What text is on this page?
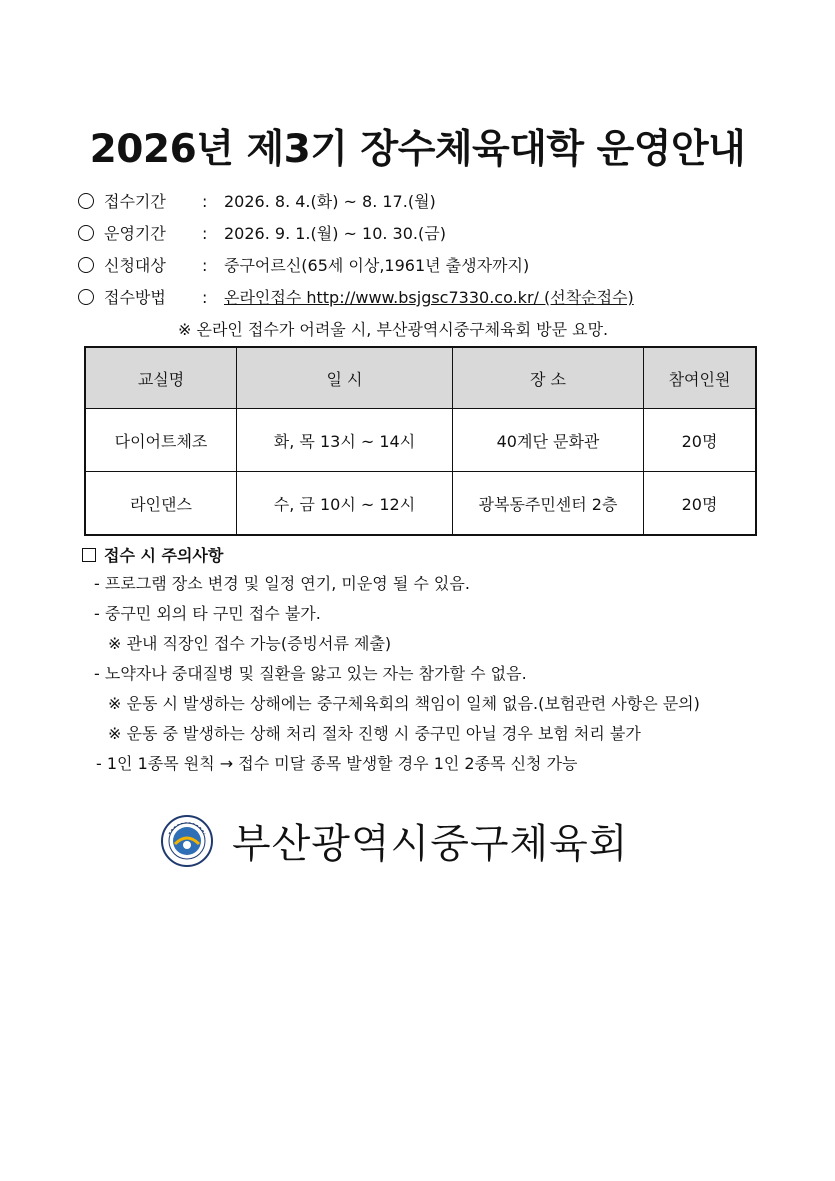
2026년 제3기 장수체육대학 운영안내
접수기간 : 2026. 8. 4.(화) ~ 8. 17.(월)
운영기간 : 2026. 9. 1.(월) ~ 10. 30.(금)
신청대상 : 중구어르신(65세 이상,1961년 출생자까지)
접수방법 : 온라인접수 http://www.bsjgsc7330.co.kr/ (선착순접수)
※ 온라인 접수가 어려울 시, 부산광역시중구체육회 방문 요망.
교실명	일 시	장 소	참여인원
다이어트체조	화, 목 13시 ~ 14시	40계단 문화관	20명
라인댄스	수, 금 10시 ~ 12시	광복동주민센터 2층	20명
접수 시 주의사항
- 프로그램 장소 변경 및 일정 연기, 미운영 될 수 있음.
- 중구민 외의 타 구민 접수 불가.
※ 관내 직장인 접수 가능(증빙서류 제출)
- 노약자나 중대질병 및 질환을 앓고 있는 자는 참가할 수 없음.
※ 운동 시 발생하는 상해에는 중구체육회의 책임이 일체 없음.(보험관련 사항은 문의)
※ 운동 중 발생하는 상해 처리 절차 진행 시 중구민 아닐 경우 보험 처리 불가
- 1인 1종목 원칙 → 접수 미달 종목 발생할 경우 1인 2종목 신청 가능
부산광역시중구체육회
